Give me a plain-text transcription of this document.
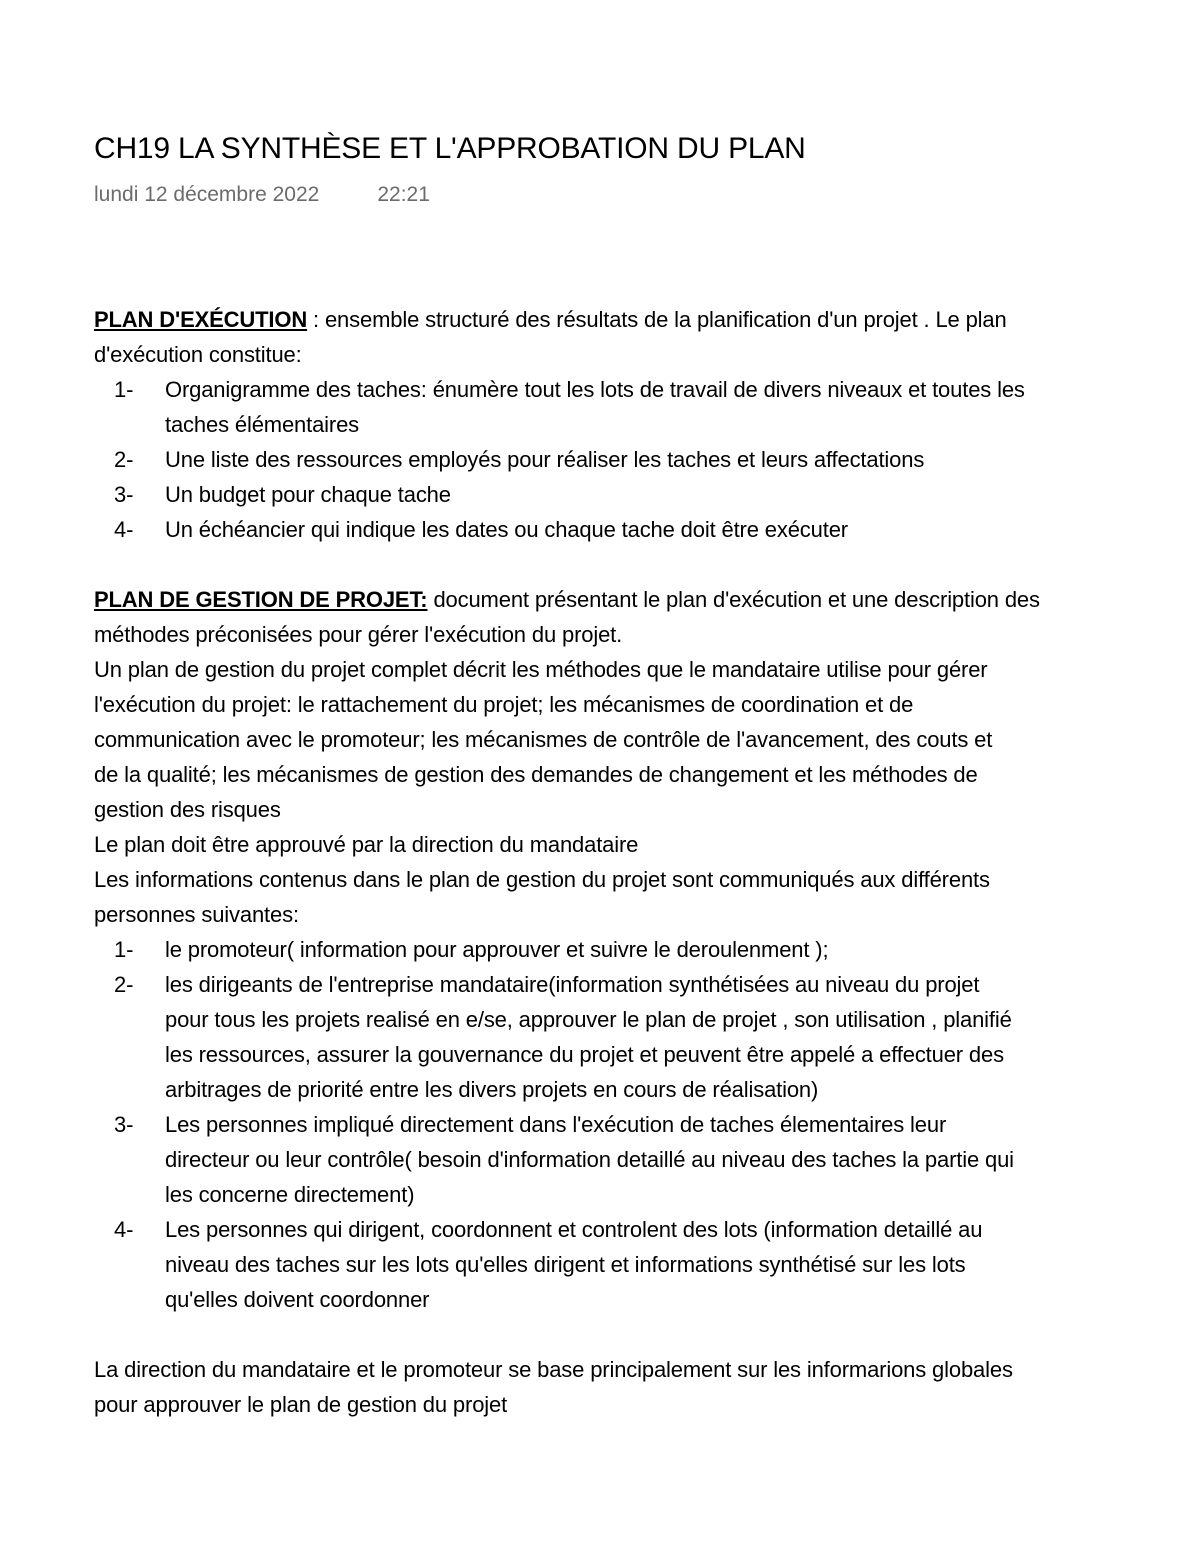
CH19 LA SYNTHÈSE ET L'APPROBATION DU PLAN
lundi 12 décembre 2022	22:21
PLAN D'EXÉCUTION : ensemble structuré des résultats de la planification d'un projet . Le plan
d'exécution constitue:
1- Organigramme des taches: énumère tout les lots de travail de divers niveaux et toutes les
taches élémentaires
2- Une liste des ressources employés pour réaliser les taches et leurs affectations
3- Un budget pour chaque tache
4- Un échéancier qui indique les dates ou chaque tache doit être exécuter
PLAN DE GESTION DE PROJET: document présentant le plan d'exécution et une description des
méthodes préconisées pour gérer l'exécution du projet.
Un plan de gestion du projet complet décrit les méthodes que le mandataire utilise pour gérer
l'exécution du projet: le rattachement du projet; les mécanismes de coordination et de
communication avec le promoteur; les mécanismes de contrôle de l'avancement, des couts et
de la qualité; les mécanismes de gestion des demandes de changement et les méthodes de
gestion des risques
Le plan doit être approuvé par la direction du mandataire
Les informations contenus dans le plan de gestion du projet sont communiqués aux différents
personnes suivantes:
1- le promoteur( information pour approuver et suivre le deroulenment );
2- les dirigeants de l'entreprise mandataire(information synthétisées au niveau du projet
pour tous les projets realisé en e/se, approuver le plan de projet , son utilisation , planifié
les ressources, assurer la gouvernance du projet et peuvent être appelé a effectuer des
arbitrages de priorité entre les divers projets en cours de réalisation)
3- Les personnes impliqué directement dans l'exécution de taches élementaires leur
directeur ou leur contrôle( besoin d'information detaillé au niveau des taches la partie qui
les concerne directement)
4- Les personnes qui dirigent, coordonnent et controlent des lots (information detaillé au
niveau des taches sur les lots qu'elles dirigent et informations synthétisé sur les lots
qu'elles doivent coordonner
La direction du mandataire et le promoteur se base principalement sur les informarions globales
pour approuver le plan de gestion du projet
